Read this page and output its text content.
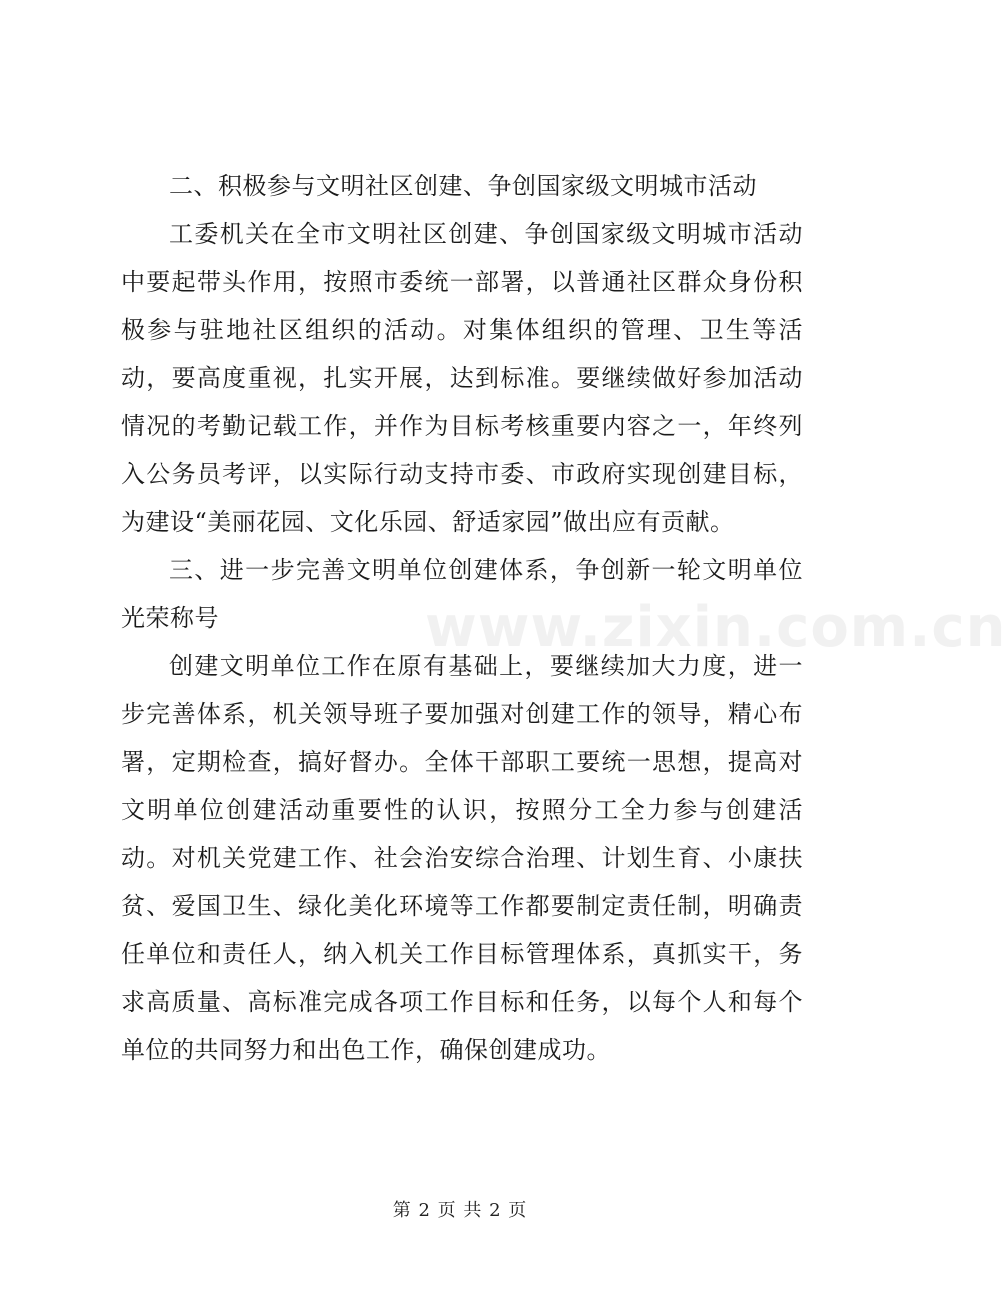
www.zixin.com.cn

二、积极参与文明社区创建、争创国家级文明城市活动

工委机关在全市文明社区创建、争创国家级文明城市活动中要起带头作用，按照市委统一部署，以普通社区群众身份积极参与驻地社区组织的活动。对集体组织的管理、卫生等活动，要高度重视，扎实开展，达到标准。要继续做好参加活动情况的考勤记载工作，并作为目标考核重要内容之一，年终列入公务员考评，以实际行动支持市委、市政府实现创建目标，为建设“美丽花园、文化乐园、舒适家园”做出应有贡献。

三、进一步完善文明单位创建体系，争创新一轮文明单位光荣称号

创建文明单位工作在原有基础上，要继续加大力度，进一步完善体系，机关领导班子要加强对创建工作的领导，精心布署，定期检查，搞好督办。全体干部职工要统一思想，提高对文明单位创建活动重要性的认识，按照分工全力参与创建活动。对机关党建工作、社会治安综合治理、计划生育、小康扶贫、爱国卫生、绿化美化环境等工作都要制定责任制，明确责任单位和责任人，纳入机关工作目标管理体系，真抓实干，务求高质量、高标准完成各项工作目标和任务，以每个人和每个单位的共同努力和出色工作，确保创建成功。

第 2 页 共 2 页
